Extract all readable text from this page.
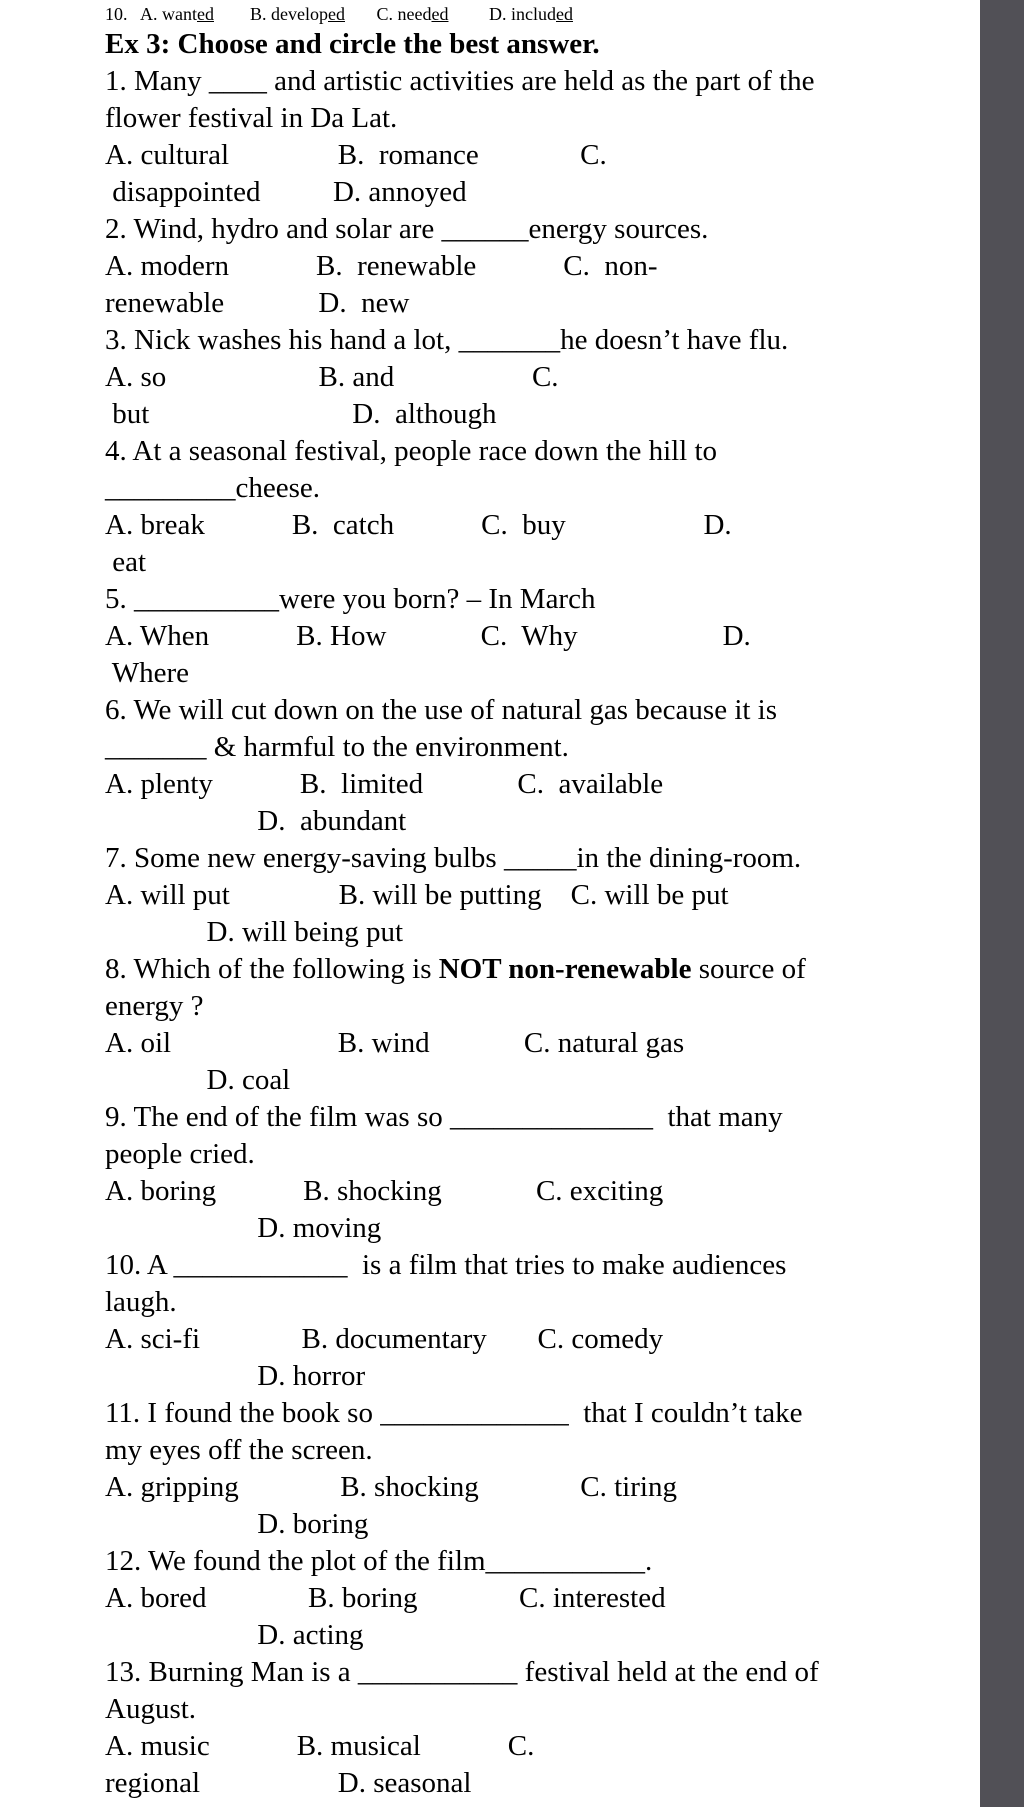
10.   A. wanted        B. developed       C. needed         D. included
Ex 3: Choose and circle the best answer.
1. Many ____ and artistic activities are held as the part of the
flower festival in Da Lat.
A. cultural               B.  romance              C.
disappointed          D. annoyed
2. Wind, hydro and solar are ______energy sources.
A. modern            B.  renewable            C.  non-
renewable             D.  new
3. Nick washes his hand a lot, _______he doesn’t have flu.
A. so                     B. and                   C.
but                            D.  although
4. At a seasonal festival, people race down the hill to
_________cheese.
A. break            B.  catch            C.  buy                   D.
eat
5. __________were you born? – In March
A. When            B. How             C.  Why                    D.
Where
6. We will cut down on the use of natural gas because it is
_______ & harmful to the environment.
A. plenty            B.  limited             C.  available
D.  abundant
7. Some new energy-saving bulbs _____in the dining-room.
A. will put               B. will be putting    C. will be put
D. will being put
8. Which of the following is NOT non-renewable source of
energy ?
A. oil                       B. wind             C. natural gas
D. coal
9. The end of the film was so ______________  that many
people cried.
A. boring            B. shocking             C. exciting
D. moving
10. A ____________  is a film that tries to make audiences
laugh.
A. sci-fi              B. documentary       C. comedy
D. horror
11. I found the book so _____________  that I couldn’t take
my eyes off the screen.
A. gripping              B. shocking              C. tiring
D. boring
12. We found the plot of the film___________.
A. bored              B. boring              C. interested
D. acting
13. Burning Man is a ___________ festival held at the end of
August.
A. music            B. musical            C.
regional                   D. seasonal
